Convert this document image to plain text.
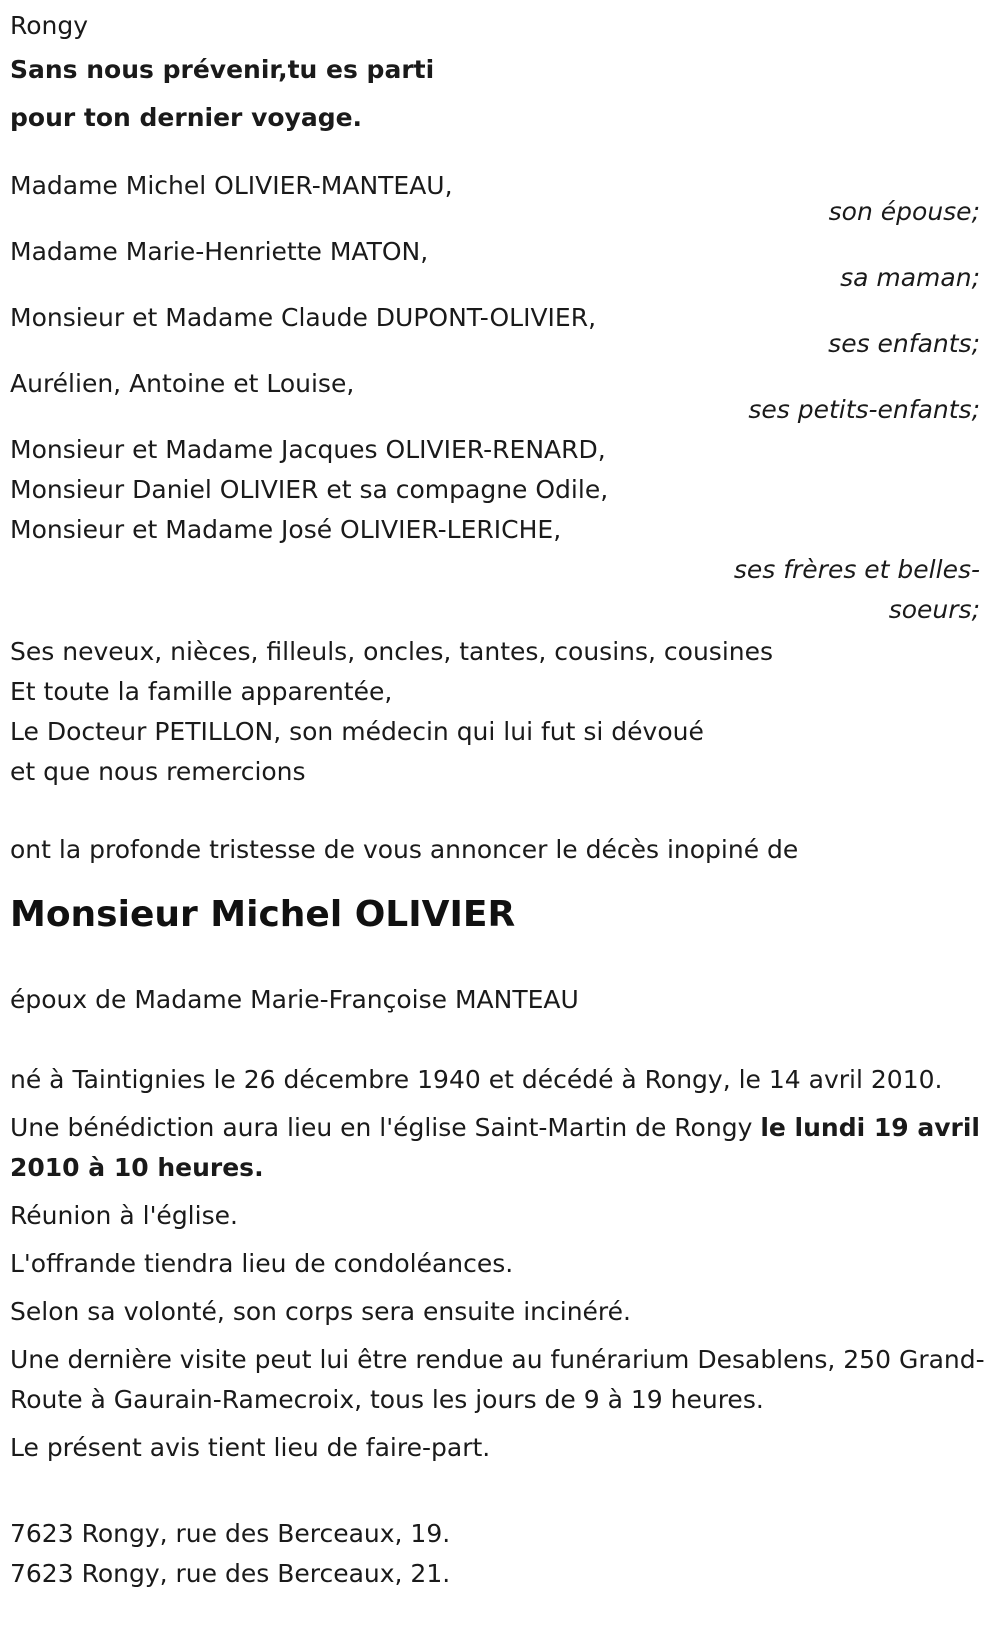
Rongy

Sans nous prévenir,tu es parti

pour ton dernier voyage.

Madame Michel OLIVIER-MANTEAU,

son épouse;

Madame Marie-Henriette MATON,

sa maman;

Monsieur et Madame Claude DUPONT-OLIVIER,

ses enfants;

Aurélien, Antoine et Louise,

ses petits-enfants;

Monsieur et Madame Jacques OLIVIER-RENARD,

Monsieur Daniel OLIVIER et sa compagne Odile,

Monsieur et Madame José OLIVIER-LERICHE,

ses frères et belles-soeurs;

Ses neveux, nièces, filleuls, oncles, tantes, cousins, cousines

Et toute la famille apparentée,

Le Docteur PETILLON, son médecin qui lui fut si dévoué

et que nous remercions

ont la profonde tristesse de vous annoncer le décès inopiné de

Monsieur Michel OLIVIER

époux de Madame Marie-Françoise MANTEAU

né à Taintignies le 26 décembre 1940 et décédé à Rongy, le 14 avril 2010.

Une bénédiction aura lieu en l'église Saint-Martin de Rongy le lundi 19 avril 2010 à 10 heures.

Réunion à l'église.

L'offrande tiendra lieu de condoléances.

Selon sa volonté, son corps sera ensuite incinéré.

Une dernière visite peut lui être rendue au funérarium Desablens, 250 Grand-Route à Gaurain-Ramecroix, tous les jours de 9 à 19 heures.

Le présent avis tient lieu de faire-part.

7623 Rongy, rue des Berceaux, 19.

7623 Rongy, rue des Berceaux, 21.
